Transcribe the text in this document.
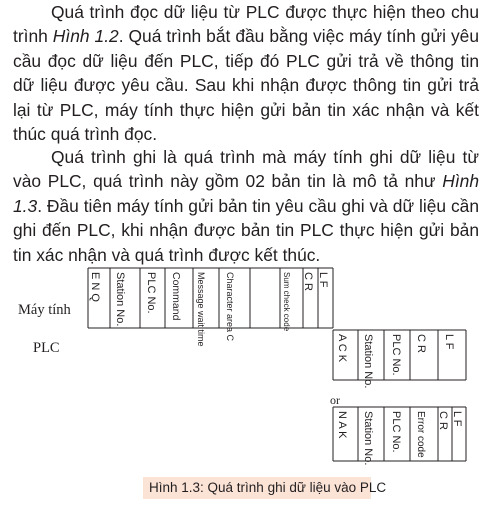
Quá trình đọc dữ liệu từ PLC được thực hiện theo chu trình Hình 1.2. Quá trình bắt đầu bằng việc máy tính gửi yêu cầu đọc dữ liệu đến PLC, tiếp đó PLC gửi trả về thông tin dữ liệu được yêu cầu. Sau khi nhận được thông tin gửi trả lại từ PLC, máy tính thực hiện gửi bản tin xác nhận và kết thúc quá trình đọc.

Quá trình ghi là quá trình mà máy tính ghi dữ liệu từ vào PLC, quá trình này gồm 02 bản tin là mô tả như Hình 1.3. Đầu tiên máy tính gửi bản tin yêu cầu ghi và dữ liệu cần ghi đến PLC, khi nhận được bản tin PLC thực hiện gửi bản tin xác nhận và quá trình được kết thúc.

Máy tính
PLC
or
E N Q Station No. PLC No. Command Message wait time Character area C	Sum check code C R L F
A C K Station No. PLC No. C R L F
N A K Station No. PLC No. Error code C R L F
Hình 1.3: Quá trình ghi dữ liệu vào PLC
